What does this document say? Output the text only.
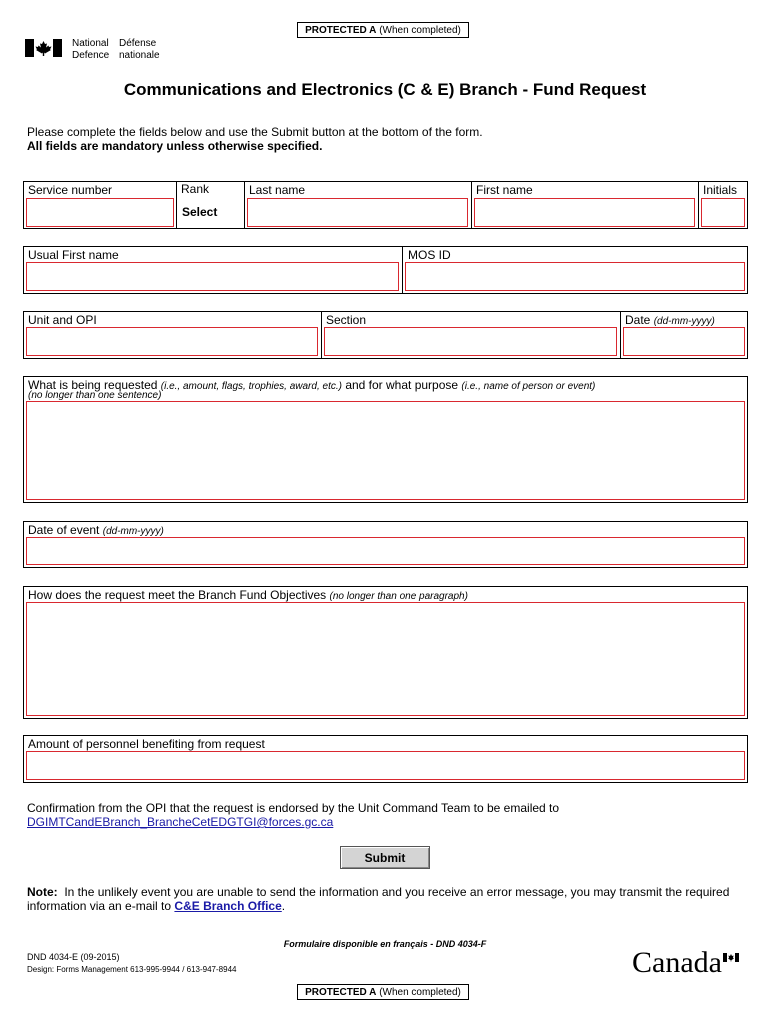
PROTECTED A (When completed)
National
Defence
Défense
nationale
Communications and Electronics (C & E) Branch - Fund Request
Please complete the fields below and use the Submit button at the bottom of the form.
All fields are mandatory unless otherwise specified.
Service number	Rank	Last name	First name	Initials
Select
Usual First name	MOS ID
Unit and OPI	Section	Date (dd-mm-yyyy)
What is being requested (i.e., amount, flags, trophies, award, etc.) and for what purpose (i.e., name of person or event)
(no longer than one sentence)
Date of event (dd-mm-yyyy)
How does the request meet the Branch Fund Objectives (no longer than one paragraph)
Amount of personnel benefiting from request
Confirmation from the OPI that the request is endorsed by the Unit Command Team to be emailed to
DGIMTCandEBranch_BrancheCetEDGTGI@forces.gc.ca
Submit
Note: In the unlikely event you are unable to send the information and you receive an error message, you may transmit the required information via an e-mail to C&E Branch Office.
Formulaire disponible en français - DND 4034-F
DND 4034-E (09-2015)
Design: Forms Management 613-995-9944 / 613-947-8944	Canada
PROTECTED A (When completed)
